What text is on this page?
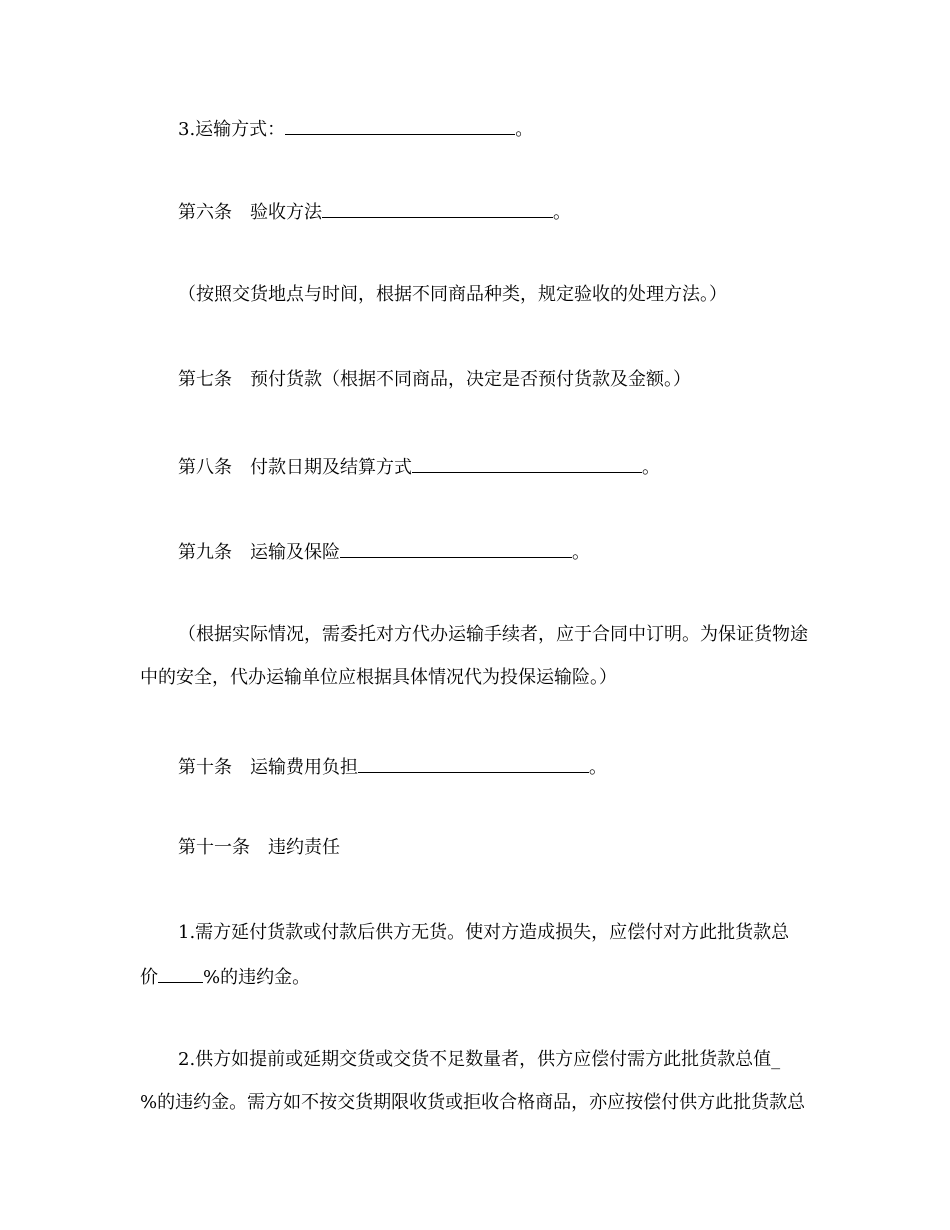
3.运输方式：	。
第六条　验收方法	。
（按照交货地点与时间，根据不同商品种类，规定验收的处理方法。）
第七条　预付货款（根据不同商品，决定是否预付货款及金额。）
第八条　付款日期及结算方式	。
第九条　运输及保险	。
（根据实际情况，需委托对方代办运输手续者，应于合同中订明。为保证货物途
中的安全，代办运输单位应根据具体情况代为投保运输险。）
第十条　运输费用负担	。
第十一条　违约责任
1.需方延付货款或付款后供方无货。使对方造成损失，应偿付对方此批货款总
价	%的违约金。
2.供方如提前或延期交货或交货不足数量者，供方应偿付需方此批货款总值_
%的违约金。需方如不按交货期限收货或拒收合格商品，亦应按偿付供方此批货款总
